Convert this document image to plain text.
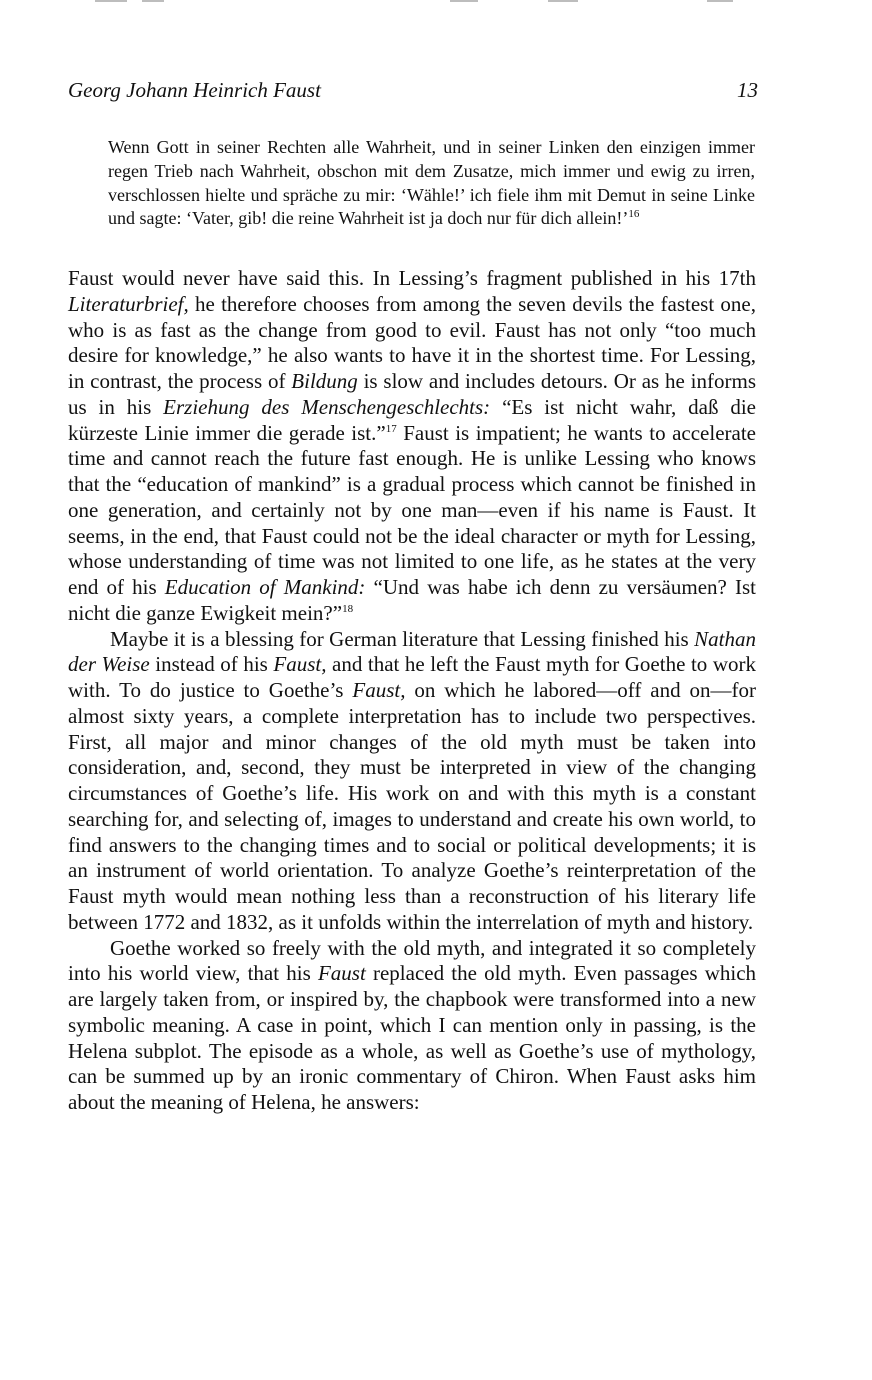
Georg Johann Heinrich Faust	13
Wenn Gott in seiner Rechten alle Wahrheit, und in seiner Linken den einzigen immer regen Trieb nach Wahrheit, obschon mit dem Zusatze, mich immer und ewig zu irren, verschlossen hielte und spräche zu mir: ‘Wähle!’ ich fiele ihm mit Demut in seine Linke und sagte: ‘Vater, gib! die reine Wahrheit ist ja doch nur für dich allein!’$^{16}$

Faust would never have said this. In Lessing’s fragment published in his 17th Literaturbrief, he therefore chooses from among the seven devils the fastest one, who is as fast as the change from good to evil. Faust has not only “too much desire for knowledge,” he also wants to have it in the shortest time. For Lessing, in contrast, the process of Bildung is slow and includes detours. Or as he informs us in his Erziehung des Menschengeschlechts: “Es ist nicht wahr, daß die kürzeste Linie immer die gerade ist.”$^{17}$ Faust is impatient; he wants to accelerate time and cannot reach the future fast enough. He is unlike Lessing who knows that the “education of mankind” is a gradual process which cannot be finished in one generation, and certainly not by one man—even if his name is Faust. It seems, in the end, that Faust could not be the ideal character or myth for Lessing, whose understanding of time was not limited to one life, as he states at the very end of his Education of Mankind: “Und was habe ich denn zu versäumen? Ist nicht die ganze Ewigkeit mein?”$^{18}$

Maybe it is a blessing for German literature that Lessing finished his Nathan der Weise instead of his Faust, and that he left the Faust myth for Goethe to work with. To do justice to Goethe’s Faust, on which he labored—off and on—for almost sixty years, a complete interpretation has to include two perspectives. First, all major and minor changes of the old myth must be taken into consideration, and, second, they must be interpreted in view of the changing circumstances of Goethe’s life. His work on and with this myth is a constant searching for, and selecting of, images to understand and create his own world, to find answers to the changing times and to social or political developments; it is an instrument of world orientation. To analyze Goethe’s reinterpretation of the Faust myth would mean nothing less than a reconstruction of his literary life between 1772 and 1832, as it unfolds within the interrelation of myth and history.

Goethe worked so freely with the old myth, and integrated it so completely into his world view, that his Faust replaced the old myth. Even passages which are largely taken from, or inspired by, the chapbook were transformed into a new symbolic meaning. A case in point, which I can mention only in passing, is the Helena subplot. The episode as a whole, as well as Goethe’s use of mythology, can be summed up by an ironic commentary of Chiron. When Faust asks him about the meaning of Helena, he answers:
